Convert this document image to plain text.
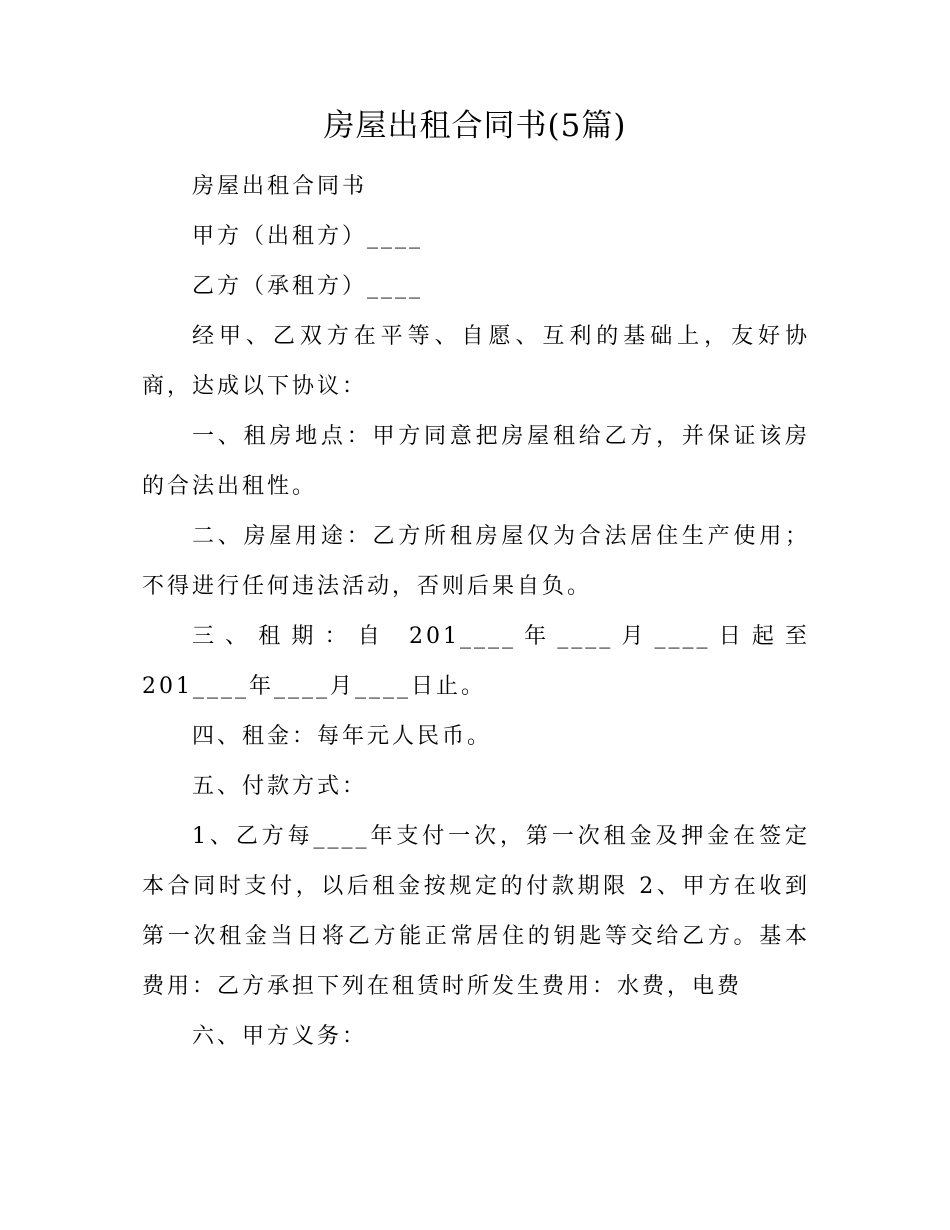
房屋出租合同书(5篇)

房屋出租合同书

甲方（出租方）____

乙方（承租方）____

经甲、乙双方在平等、自愿、互利的基础上，友好协商，达成以下协议：

一、租房地点：甲方同意把房屋租给乙方，并保证该房的合法出租性。

二、房屋用途：乙方所租房屋仅为合法居住生产使用；不得进行任何违法活动，否则后果自负。

三、租期：自 201____年____月____日起至 201____年____月____日止。

四、租金：每年元人民币。

五、付款方式：

1、乙方每____年支付一次，第一次租金及押金在签定本合同时支付，以后租金按规定的付款期限 2、甲方在收到第一次租金当日将乙方能正常居住的钥匙等交给乙方。基本费用：乙方承担下列在租赁时所发生费用：水费，电费

六、甲方义务：
